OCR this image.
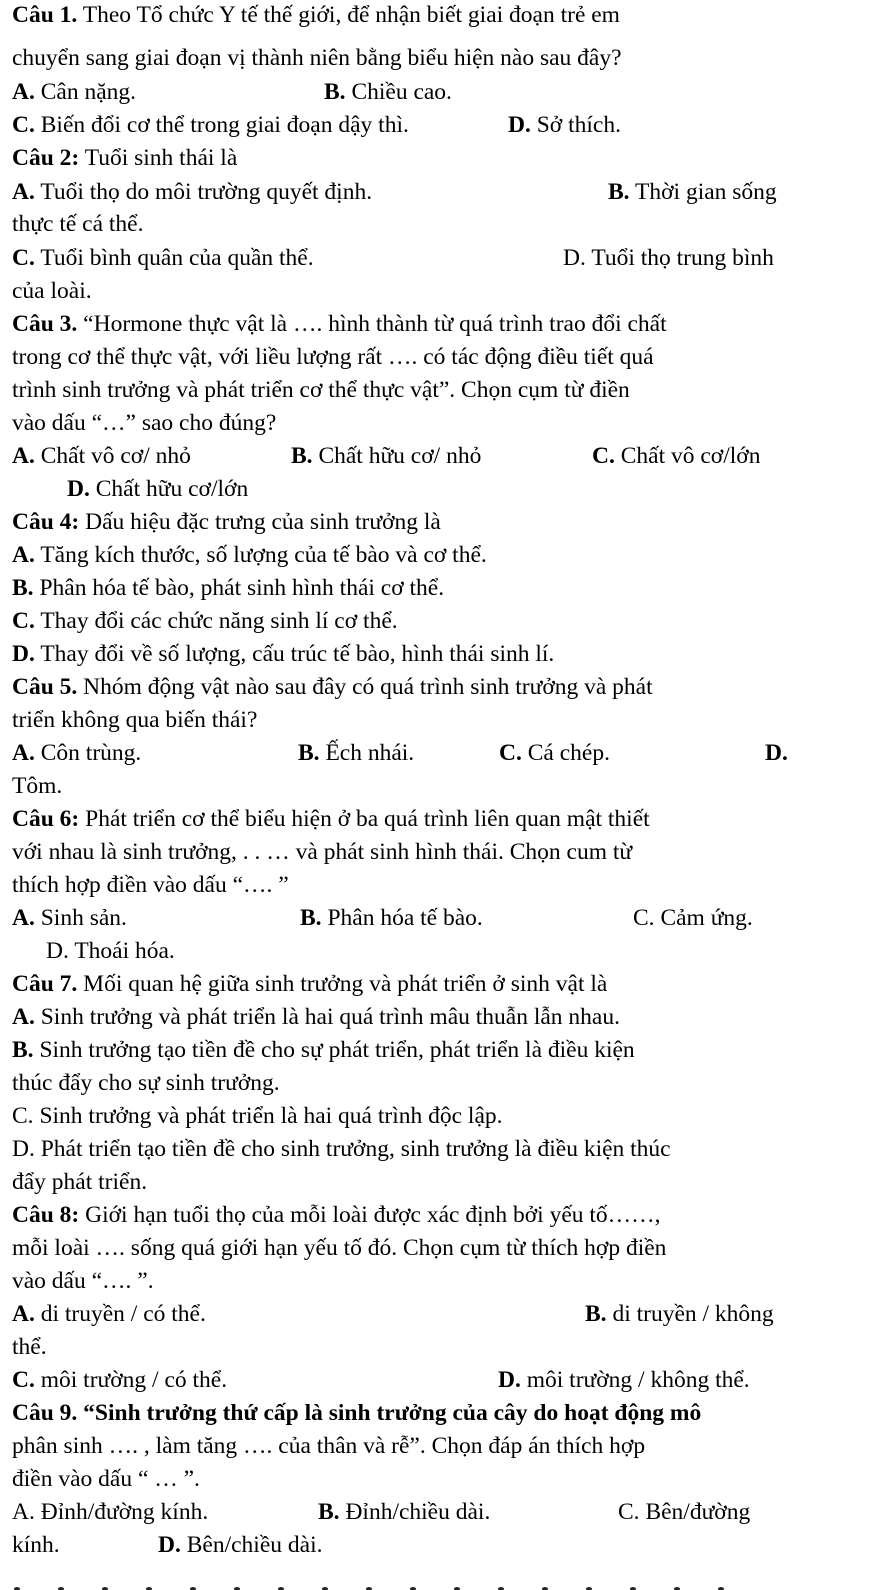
Câu 1. Theo Tổ chức Y tế thế giới, để nhận biết giai đoạn trẻ em
chuyển sang giai đoạn vị thành niên bằng biểu hiện nào sau đây?
A. Cân nặng.	B. Chiều cao.
C. Biến đổi cơ thể trong giai đoạn dậy thì.	D. Sở thích.
Câu 2: Tuổi sinh thái là
A. Tuổi thọ do môi trường quyết định.	B. Thời gian sống
thực tế cá thể.
C. Tuổi bình quân của quần thể.	D. Tuổi thọ trung bình
của loài.
Câu 3. “Hormone thực vật là …. hình thành từ quá trình trao đổi chất
trong cơ thể thực vật, với liều lượng rất …. có tác động điều tiết quá
trình sinh trưởng và phát triển cơ thể thực vật”. Chọn cụm từ điền
vào dấu “…” sao cho đúng?
A. Chất vô cơ/ nhỏ	B. Chất hữu cơ/ nhỏ	C. Chất vô cơ/lớn
D. Chất hữu cơ/lớn
Câu 4: Dấu hiệu đặc trưng của sinh trưởng là
A. Tăng kích thước, số lượng của tế bào và cơ thể.
B. Phân hóa tế bào, phát sinh hình thái cơ thể.
C. Thay đổi các chức năng sinh lí cơ thể.
D. Thay đổi về số lượng, cấu trúc tế bào, hình thái sinh lí.
Câu 5. Nhóm động vật nào sau đây có quá trình sinh trưởng và phát
triển không qua biến thái?
A. Côn trùng.	B. Ếch nhái.	C. Cá chép.	D.
Tôm.
Câu 6: Phát triển cơ thể biểu hiện ở ba quá trình liên quan mật thiết
với nhau là sinh trưởng, . . … và phát sinh hình thái. Chọn cum từ
thích hợp điền vào dấu “…. ”
A. Sinh sản.	B. Phân hóa tế bào.	C. Cảm ứng.
D. Thoái hóa.
Câu 7. Mối quan hệ giữa sinh trưởng và phát triển ở sinh vật là
A. Sinh trưởng và phát triển là hai quá trình mâu thuẫn lẫn nhau.
B. Sinh trưởng tạo tiền đề cho sự phát triển, phát triển là điều kiện
thúc đẩy cho sự sinh trưởng.
C. Sinh trưởng và phát triển là hai quá trình độc lập.
D. Phát triển tạo tiền đề cho sinh trưởng, sinh trưởng là điều kiện thúc
đẩy phát triển.
Câu 8: Giới hạn tuổi thọ của mỗi loài được xác định bởi yếu tố……,
mỗi loài …. sống quá giới hạn yếu tố đó. Chọn cụm từ thích hợp điền
vào dấu “…. ”.
A. di truyền / có thể.	B. di truyền / không
thể.
C. môi trường / có thể.	D. môi trường / không thể.
Câu 9. “Sinh trưởng thứ cấp là sinh trưởng của cây do hoạt động mô
phân sinh …. , làm tăng …. của thân và rễ”. Chọn đáp án thích hợp
điền vào dấu “ … ”.
A. Đỉnh/đường kính.	B. Đỉnh/chiều dài.	C. Bên/đường
kính.	D. Bên/chiều dài.
